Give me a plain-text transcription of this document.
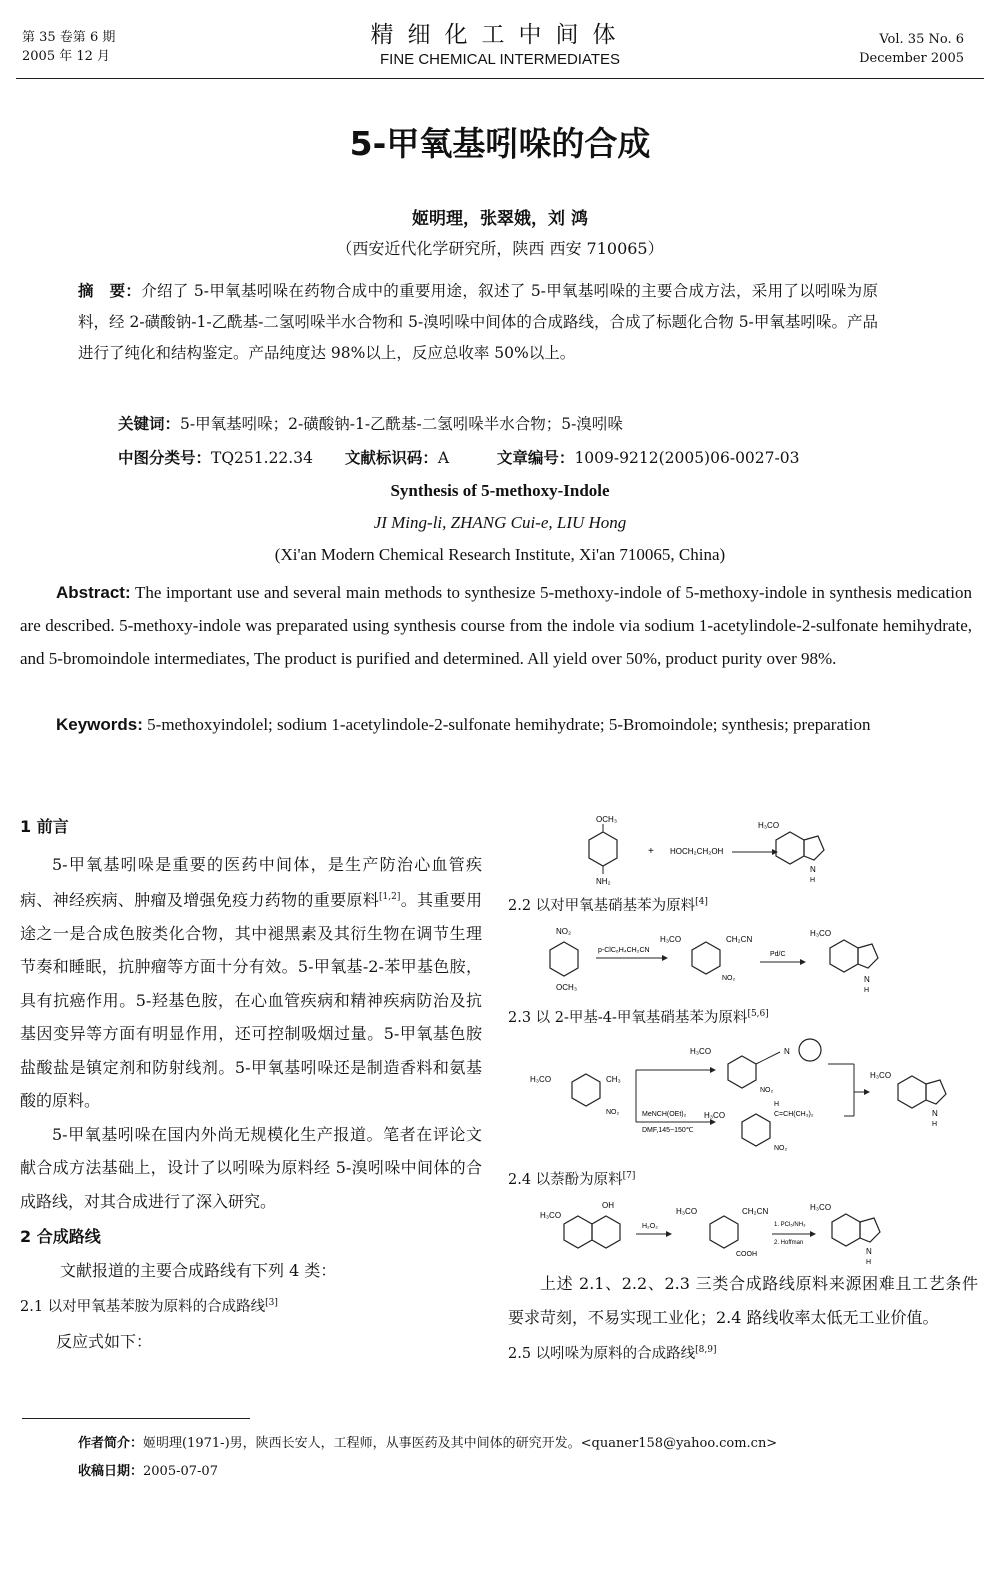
第 35 卷第 6 期
2005 年 12 月
精细化工中间体
FINE CHEMICAL INTERMEDIATES
Vol. 35 No. 6
December 2005
5-甲氧基吲哚的合成
姬明理，张翠娥，刘 鸿
（西安近代化学研究所，陕西 西安 710065）
摘　要：介绍了 5-甲氧基吲哚在药物合成中的重要用途，叙述了 5-甲氧基吲哚的主要合成方法，采用了以吲哚为原料，经 2-磺酸钠-1-乙酰基-二氢吲哚半水合物和 5-溴吲哚中间体的合成路线，合成了标题化合物 5-甲氧基吲哚。产品进行了纯化和结构鉴定。产品纯度达 98%以上，反应总收率 50%以上。
关键词：5-甲氧基吲哚；2-磺酸钠-1-乙酰基-二氢吲哚半水合物；5-溴吲哚
中图分类号：TQ251.22.34 文献标识码：A	文章编号：1009-9212(2005)06-0027-03
Synthesis of 5-methoxy-Indole
JI Ming-li, ZHANG Cui-e, LIU Hong
(Xi'an Modern Chemical Research Institute, Xi'an 710065, China)
Abstract: The important use and several main methods to synthesize 5-methoxy-indole of 5-methoxy-indole in synthesis medication are described. 5-methoxy-indole was preparated using synthesis course from the indole via sodium 1-acetylindole-2-sulfonate hemihydrate, and 5-bromoindole intermediates, The product is purified and determined. All yield over 50%, product purity over 98%.
Keywords: 5-methoxyindolel; sodium 1-acetylindole-2-sulfonate hemihydrate; 5-Bromoindole; synthesis; preparation
1 前言
5-甲氧基吲哚是重要的医药中间体，是生产防治心血管疾病、神经疾病、肿瘤及增强免疫力药物的重要原料[1,2]。其重要用途之一是合成色胺类化合物，其中褪黑素及其衍生物在调节生理节奏和睡眠，抗肿瘤等方面十分有效。5-甲氧基-2-苯甲基色胺，具有抗癌作用。5-羟基色胺，在心血管疾病和精神疾病防治及抗基因变异等方面有明显作用，还可控制吸烟过量。5-甲氧基色胺盐酸盐是镇定剂和防射线剂。5-甲氧基吲哚还是制造香料和氨基酸的原料。
5-甲氧基吲哚在国内外尚无规模化生产报道。笔者在评论文献合成方法基础上，设计了以吲哚为原料经 5-溴吲哚中间体的合成路线，对其合成进行了深入研究。
2 合成路线
文献报道的主要合成路线有下列 4 类：
2.1 以对甲氧基苯胺为原料的合成路线[3]
反应式如下：
OCH₃
NH₂
+ HOCH₂CH₂OH
H₃CO
N
H
2.2 以对甲氧基硝基苯为原料[4]
NO₂
OCH₃
p-ClC₆H₄CH₂CN
H₃CO	CH₂CN
NO₂
Pd/C
H₃CO
N
H
2.3 以 2-甲基-4-甲氧基硝基苯为原料[5,6]
H₃CO	CH₃
NO₂	MeNCH(OEt)₂
DMF,145~150℃
H₃CO	N
NO₂
H₃CO
H
C=CH(CH₃)₂
NO₂
H₃CO
N
H
2.4 以萘酚为原料[7]
OH
H₃CO
H₂O₂
H₃CO	CH₂CN
COOH
1. PCl₅/NH₃
2. Hoffman
H₃CO
N
H
上述 2.1、2.2、2.3 三类合成路线原料来源困难且工艺条件要求苛刻，不易实现工业化；2.4 路线收率太低无工业价值。
2.5 以吲哚为原料的合成路线[8,9]
作者简介：姬明理(1971-)男，陕西长安人，工程师，从事医药及其中间体的研究开发。<quaner158@yahoo.com.cn>
收稿日期：2005-07-07
